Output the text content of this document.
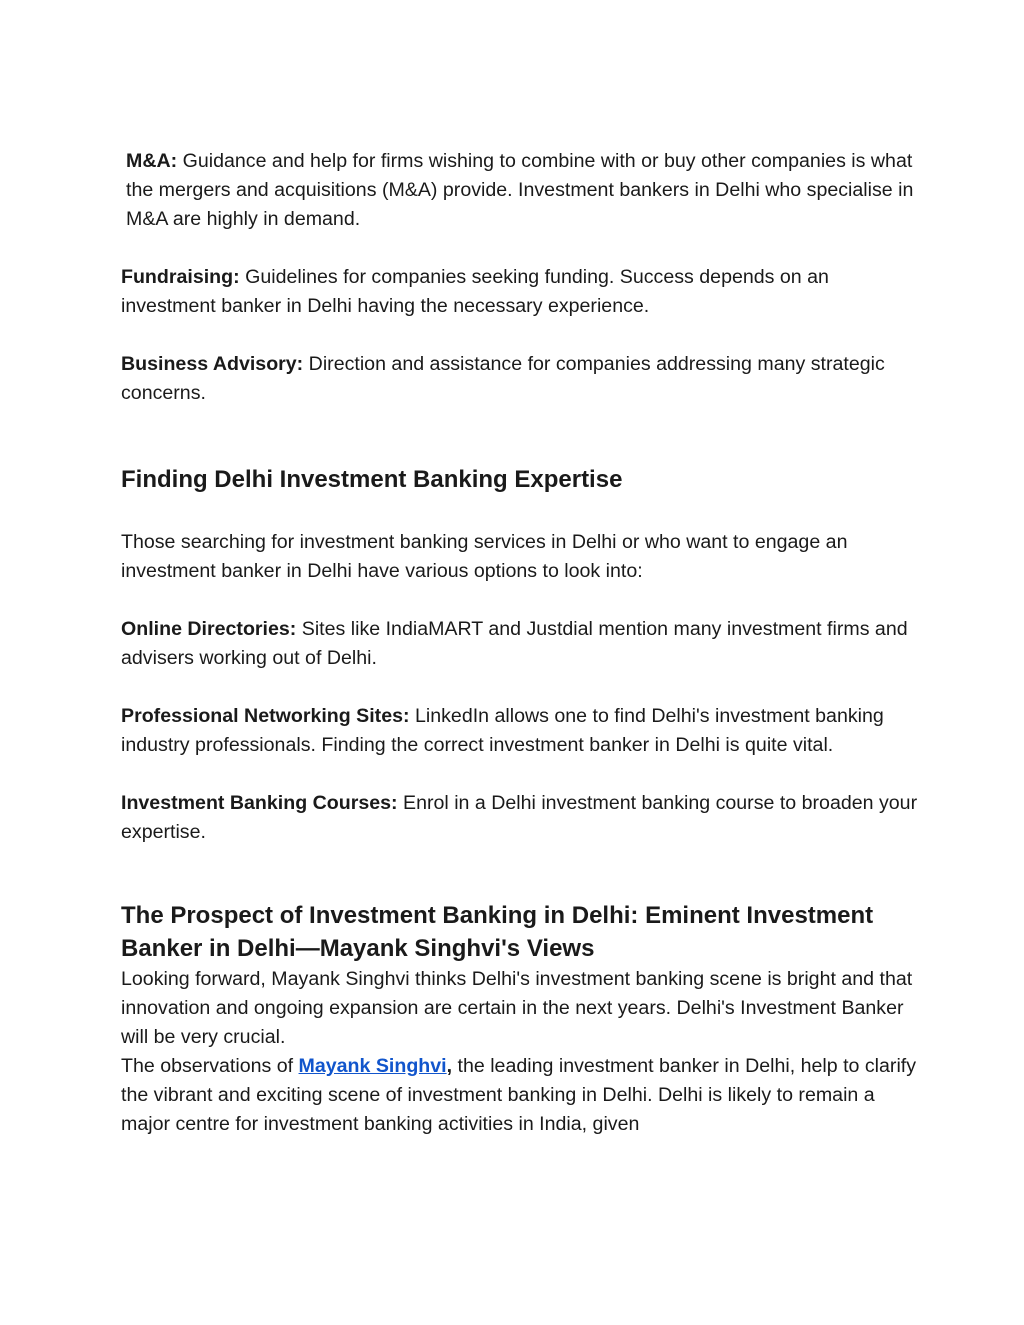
M&A: Guidance and help for firms wishing to combine with or buy other companies is what the mergers and acquisitions (M&A) provide. Investment bankers in Delhi who specialise in M&A are highly in demand.

Fundraising: Guidelines for companies seeking funding. Success depends on an investment banker in Delhi having the necessary experience.

Business Advisory: Direction and assistance for companies addressing many strategic concerns.

Finding Delhi Investment Banking Expertise

Those searching for investment banking services in Delhi or who want to engage an investment banker in Delhi have various options to look into:

Online Directories: Sites like IndiaMART and Justdial mention many investment firms and advisers working out of Delhi.

Professional Networking Sites: LinkedIn allows one to find Delhi's investment banking industry professionals. Finding the correct investment banker in Delhi is quite vital.

Investment Banking Courses: Enrol in a Delhi investment banking course to broaden your expertise.

The Prospect of Investment Banking in Delhi: Eminent Investment Banker in Delhi—Mayank Singhvi's Views

Looking forward, Mayank Singhvi thinks Delhi's investment banking scene is bright and that innovation and ongoing expansion are certain in the next years. Delhi's Investment Banker will be very crucial.

The observations of Mayank Singhvi, the leading investment banker in Delhi, help to clarify the vibrant and exciting scene of investment banking in Delhi. Delhi is likely to remain a major centre for investment banking activities in India, given
